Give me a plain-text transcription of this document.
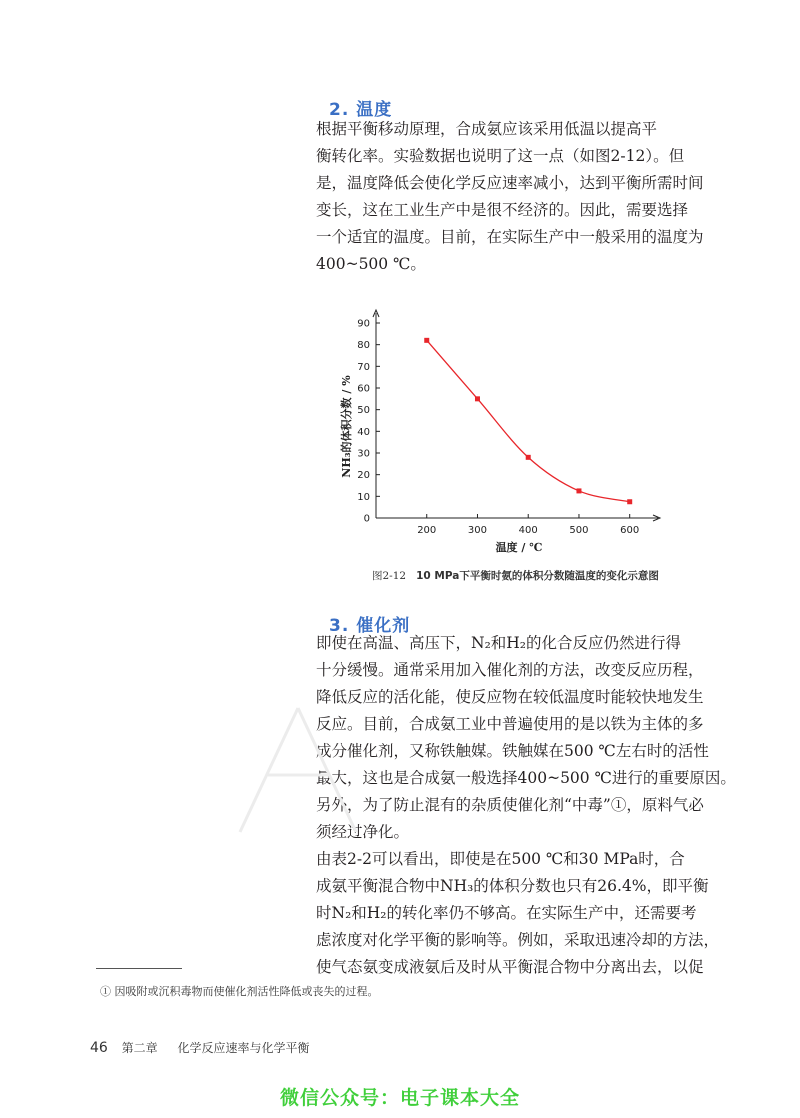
2. 温度
根据平衡移动原理，合成氨应该采用低温以提高平
衡转化率。实验数据也说明了这一点（如图2-12）。但
是，温度降低会使化学反应速率减小，达到平衡所需时间
变长，这在工业生产中是很不经济的。因此，需要选择
一个适宜的温度。目前，在实际生产中一般采用的温度为
400~500 ℃。
0
10
20
30
40
50
60
70
80
90
200	300	400	500	600
温度 / ℃
NH₃的体积分数 / %
图2-12 10 MPa下平衡时氨的体积分数随温度的变化示意图
3. 催化剂
即使在高温、高压下，N₂和H₂的化合反应仍然进行得
十分缓慢。通常采用加入催化剂的方法，改变反应历程，
降低反应的活化能，使反应物在较低温度时能较快地发生
反应。目前，合成氨工业中普遍使用的是以铁为主体的多
成分催化剂，又称铁触媒。铁触媒在500 ℃左右时的活性
最大，这也是合成氨一般选择400~500 ℃进行的重要原因。
另外，为了防止混有的杂质使催化剂“中毒”①，原料气必
须经过净化。
由表2-2可以看出，即使是在500 ℃和30 MPa时，合
成氨平衡混合物中NH₃的体积分数也只有26.4%，即平衡
时N₂和H₂的转化率仍不够高。在实际生产中，还需要考
虑浓度对化学平衡的影响等。例如，采取迅速冷却的方法，
使气态氨变成液氨后及时从平衡混合物中分离出去，以促
① 因吸附或沉积毒物而使催化剂活性降低或丧失的过程。
46 第二章 化学反应速率与化学平衡
微信公众号：电子课本大全
